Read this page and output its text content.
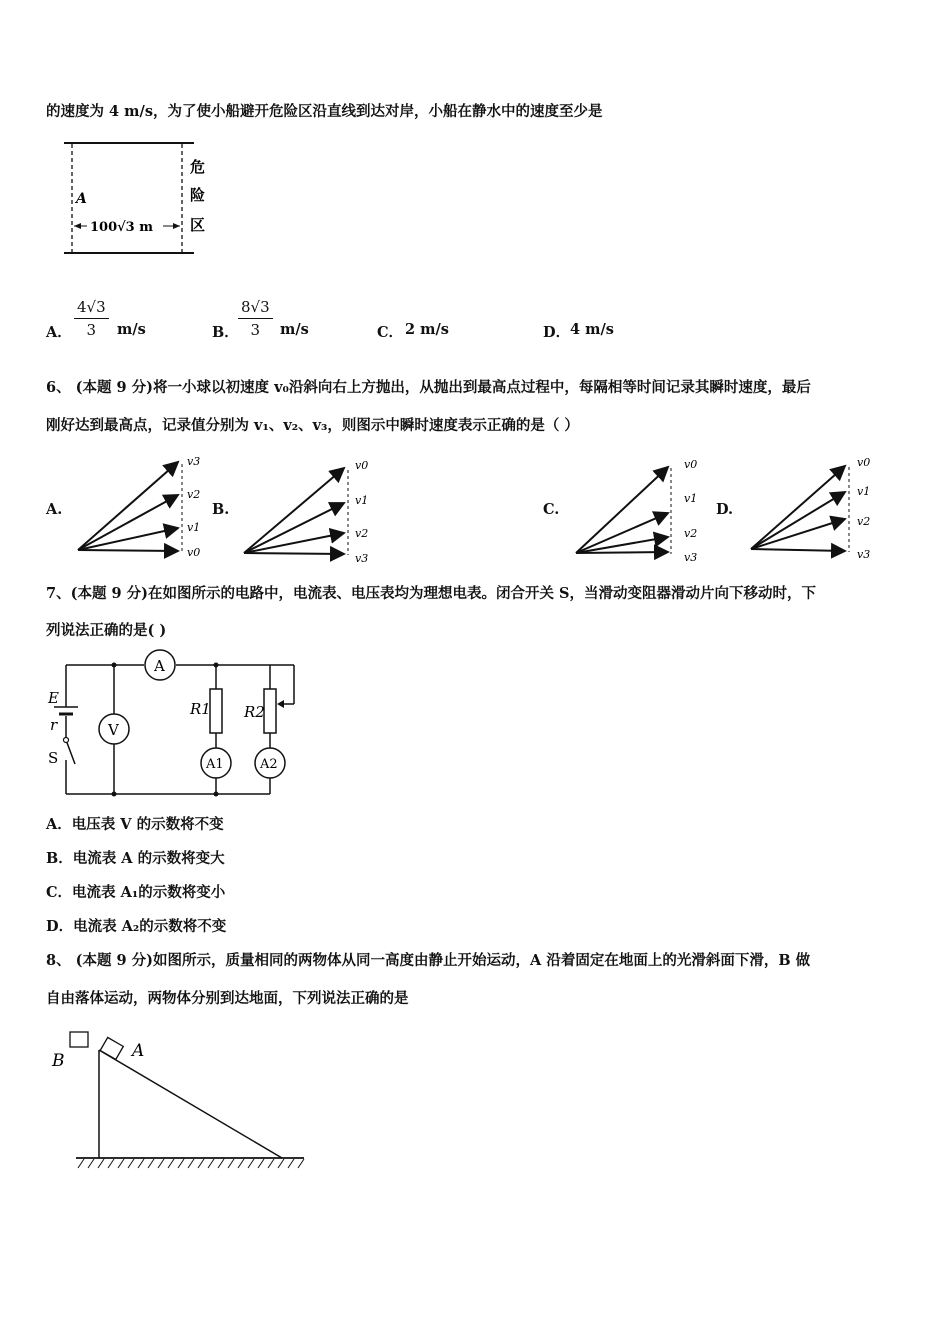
的速度为 4 m/s，为了使小船避开危险区沿直线到达对岸，小船在静水中的速度至少是
A
100√3 m
危
险
区
A． $\frac{4√3}{3} m/s$	B． $\frac{8√3}{3} m/s$	C． 2 m/s	D． 4 m/s
6、 (本题 9 分)将一小球以初速度 v₀沿斜向右上方抛出，从抛出到最高点过程中，每隔相等时间记录其瞬时速度，最后
刚好达到最高点，记录值分别为 v₁、v₂、v₃，则图示中瞬时速度表示正确的是（ ）
A.
v3
v2
v1
v0
B.
v0
v1
v2
v3
C.
v0
v1
v2
v3
D.
v0
v1
v2
v3
7、(本题 9 分)在如图所示的电路中，电流表、电压表均为理想电表。闭合开关 S，当滑动变阻器滑动片向下移动时，下
列说法正确的是( )
E
r
S
A
V
R1 R2
A1	A2
A．电压表 V 的示数将不变
B．电流表 A 的示数将变大
C．电流表 A₁的示数将变小
D．电流表 A₂的示数将不变
8、 (本题 9 分)如图所示，质量相同的两物体从同一高度由静止开始运动，A 沿着固定在地面上的光滑斜面下滑，B 做
自由落体运动，两物体分别到达地面，下列说法正确的是
B	A
